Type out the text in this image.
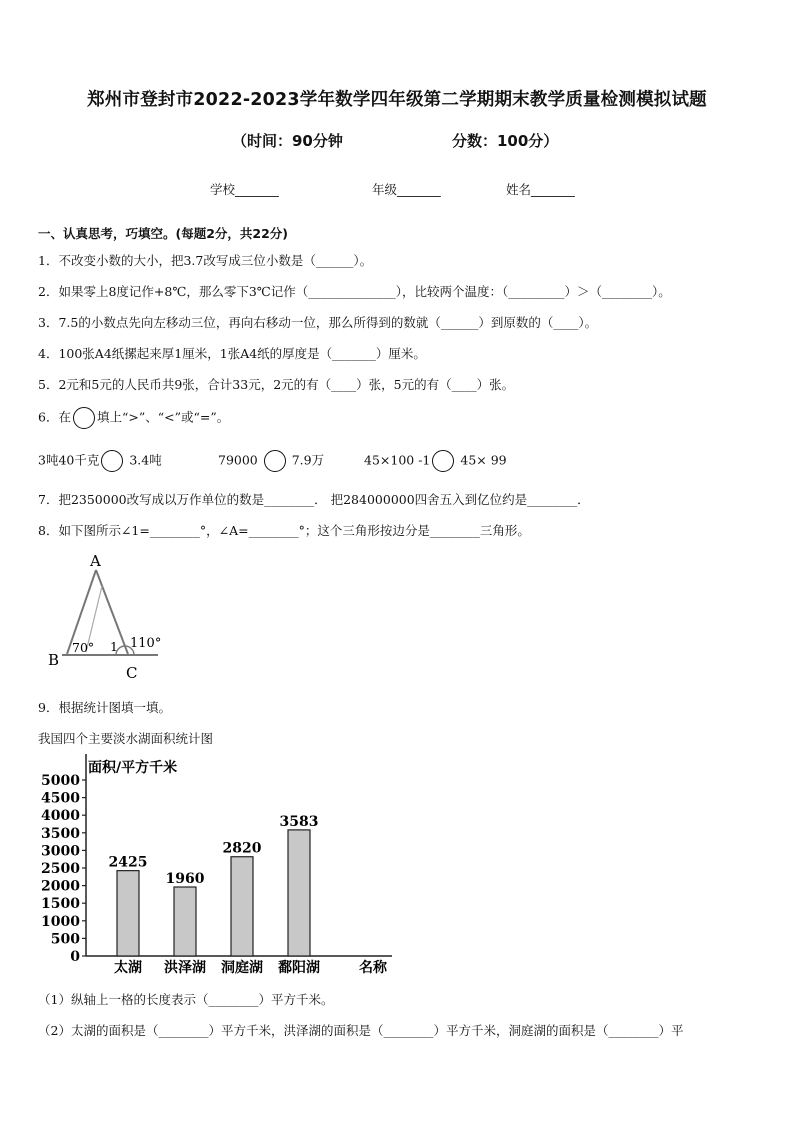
郑州市登封市2022-2023学年数学四年级第二学期期末教学质量检测模拟试题
（时间：90分钟	分数：100分）
学校_______	年级_______	姓名_______
一、认真思考，巧填空。(每题2分，共22分)
1．不改变小数的大小，把3.7改写成三位小数是（______）。
2．如果零上8度记作+8℃，那么零下3℃记作（______________），比较两个温度：（_________）＞（________）。
3．7.5的小数点先向左移动三位，再向右移动一位，那么所得到的数就（______）到原数的（____）。
4．100张A4纸摞起来厚1厘米，1张A4纸的厚度是（_______）厘米。
5．2元和5元的人民币共9张，合计33元，2元的有（____）张，5元的有（____）张。
6．在 填上“>”、“<”或“=”。
3吨40千克 3.4吨	79000	7.9万	45×100 -1 45× 99
7．把2350000改写成以万作单位的数是________． 把284000000四舍五入到亿位约是________．
8．如下图所示∠1=________°，∠A=________°；这个三角形按边分是________三角形。
A
B
C
70° 1 110°
9．根据统计图填一填。
我国四个主要淡水湖面积统计图
面积/平方千米
名称
0
500
1000
1500
2000
2500
3000
3500
4000
4500
5000
2425
太湖
1960
洪泽湖
2820
洞庭湖
3583
鄱阳湖
（1）纵轴上一格的长度表示（________）平方千米。
（2）太湖的面积是（________）平方千米，洪泽湖的面积是（________）平方千米，洞庭湖的面积是（________）平
